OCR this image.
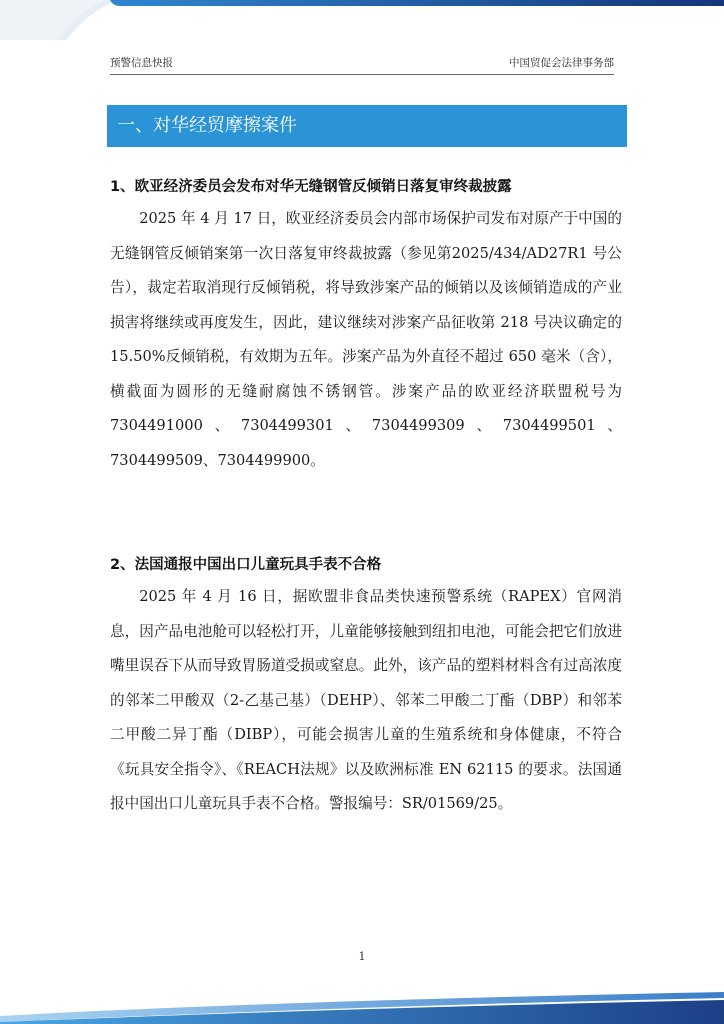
预警信息快报	中国贸促会法律事务部
一、对华经贸摩擦案件
1、欧亚经济委员会发布对华无缝钢管反倾销日落复审终裁披露

2025 年 4 月 17 日，欧亚经济委员会内部市场保护司发布对原产于中国的无缝钢管反倾销案第一次日落复审终裁披露（参见第2025/434/AD27R1 号公告），裁定若取消现行反倾销税，将导致涉案产品的倾销以及该倾销造成的产业损害将继续或再度发生，因此，建议继续对涉案产品征收第 218 号决议确定的 15.50%反倾销税，有效期为五年。涉案产品为外直径不超过 650 毫米（含），横截面为圆形的无缝耐腐蚀不锈钢管。涉案产品的欧亚经济联盟税号为 7304491000、7304499301、7304499309、7304499501、7304499509、7304499900。

2、法国通报中国出口儿童玩具手表不合格

2025 年 4 月 16 日，据欧盟非食品类快速预警系统（RAPEX）官网消息，因产品电池舱可以轻松打开，儿童能够接触到纽扣电池，可能会把它们放进嘴里误吞下从而导致胃肠道受损或窒息。此外，该产品的塑料材料含有过高浓度的邻苯二甲酸双（2-乙基己基）（DEHP）、邻苯二甲酸二丁酯（DBP）和邻苯二甲酸二异丁酯（DIBP），可能会损害儿童的生殖系统和身体健康，不符合《玩具安全指令》、《REACH法规》以及欧洲标准 EN 62115 的要求。法国通报中国出口儿童玩具手表不合格。警报编号：SR/01569/25。

1
